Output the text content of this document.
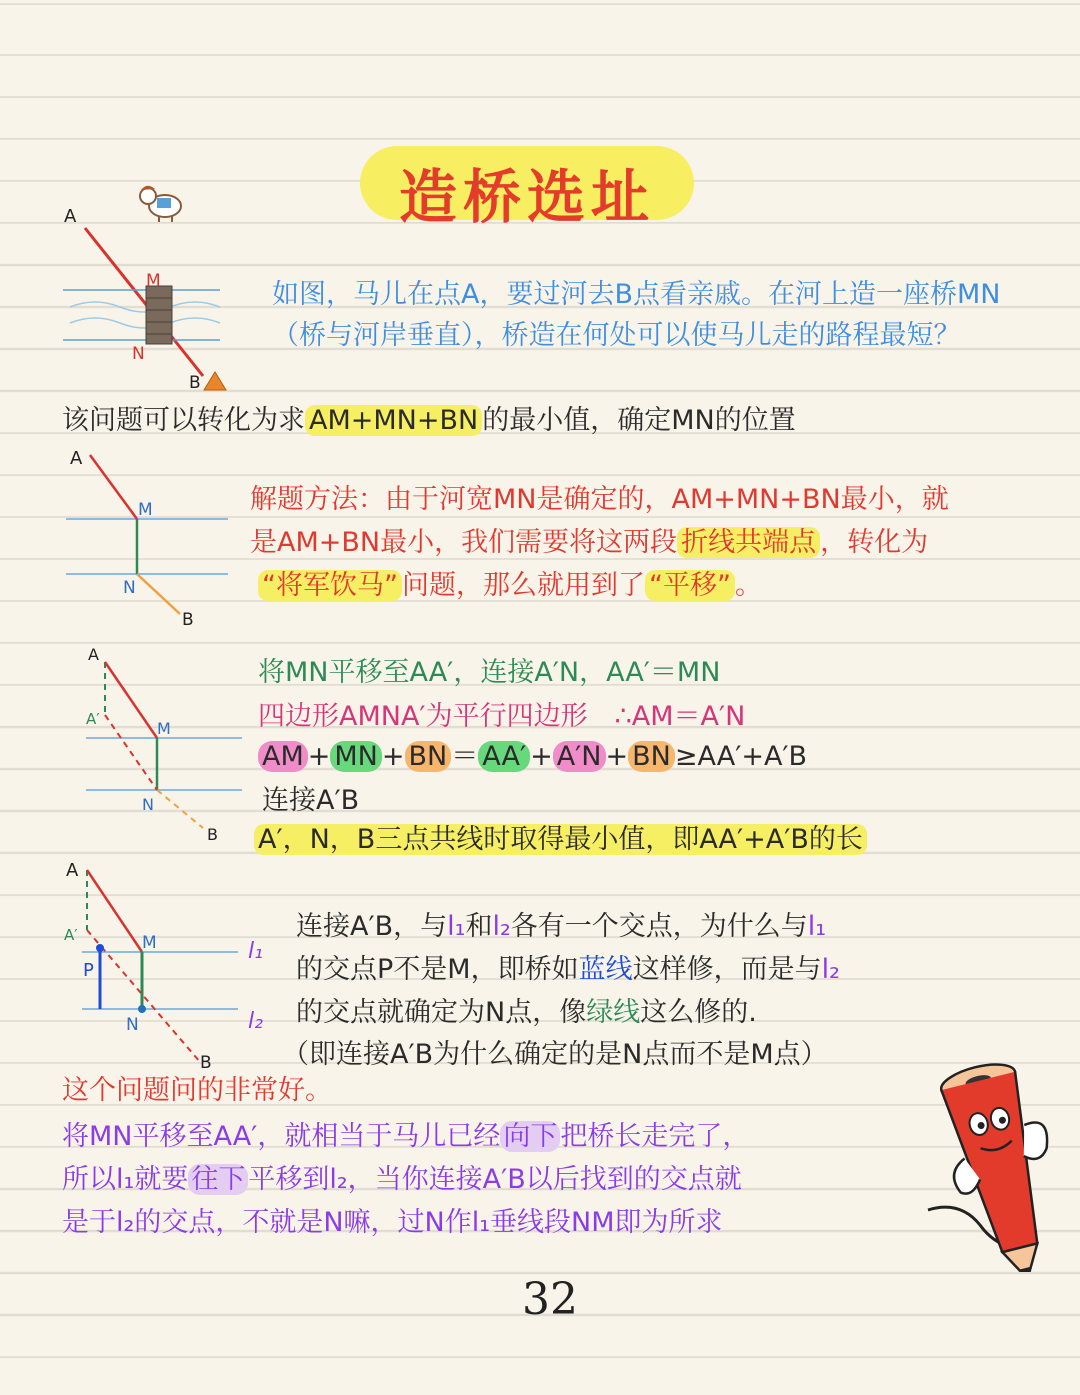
造桥选址
A
M
N
B
如图，马儿在点A，要过河去B点看亲戚。在河上造一座桥MN
（桥与河岸垂直），桥造在何处可以使马儿走的路程最短？
该问题可以转化为求 AM+MN+BN 的最小值，确定MN的位置
A
M
N
B
解题方法：由于河宽MN是确定的，AM+MN+BN最小，就
是AM+BN最小，我们需要将这两段 折线共端点 ，转化为
“将军饮马” 问题，那么就用到了 “平移” 。
A
A′	M
N
B
将MN平移至AA′，连接A′N，AA′＝MN
四边形AMNA′为平行四边形　∴AM＝A′N
AM + MN + BN ＝ AA′ + A′N + BN ≥AA′+A′B
连接A′B
A′，N，B三点共线时取得最小值，即AA′+A′B的长
A
A′
P
M
N
B
l₁
l₂
连接A′B，与l₁和l₂各有一个交点，为什么与l₁
的交点P不是M，即桥如蓝线这样修，而是与l₂
的交点就确定为N点，像绿线这么修的.
（即连接A′B为什么确定的是N点而不是M点）
这个问题问的非常好。
将MN平移至AA′，就相当于马儿已经 向下 把桥长走完了，
所以l₁就要 往下 平移到l₂，当你连接A′B以后找到的交点就
是于l₂的交点，不就是N嘛，过N作l₁垂线段NM即为所求
32
